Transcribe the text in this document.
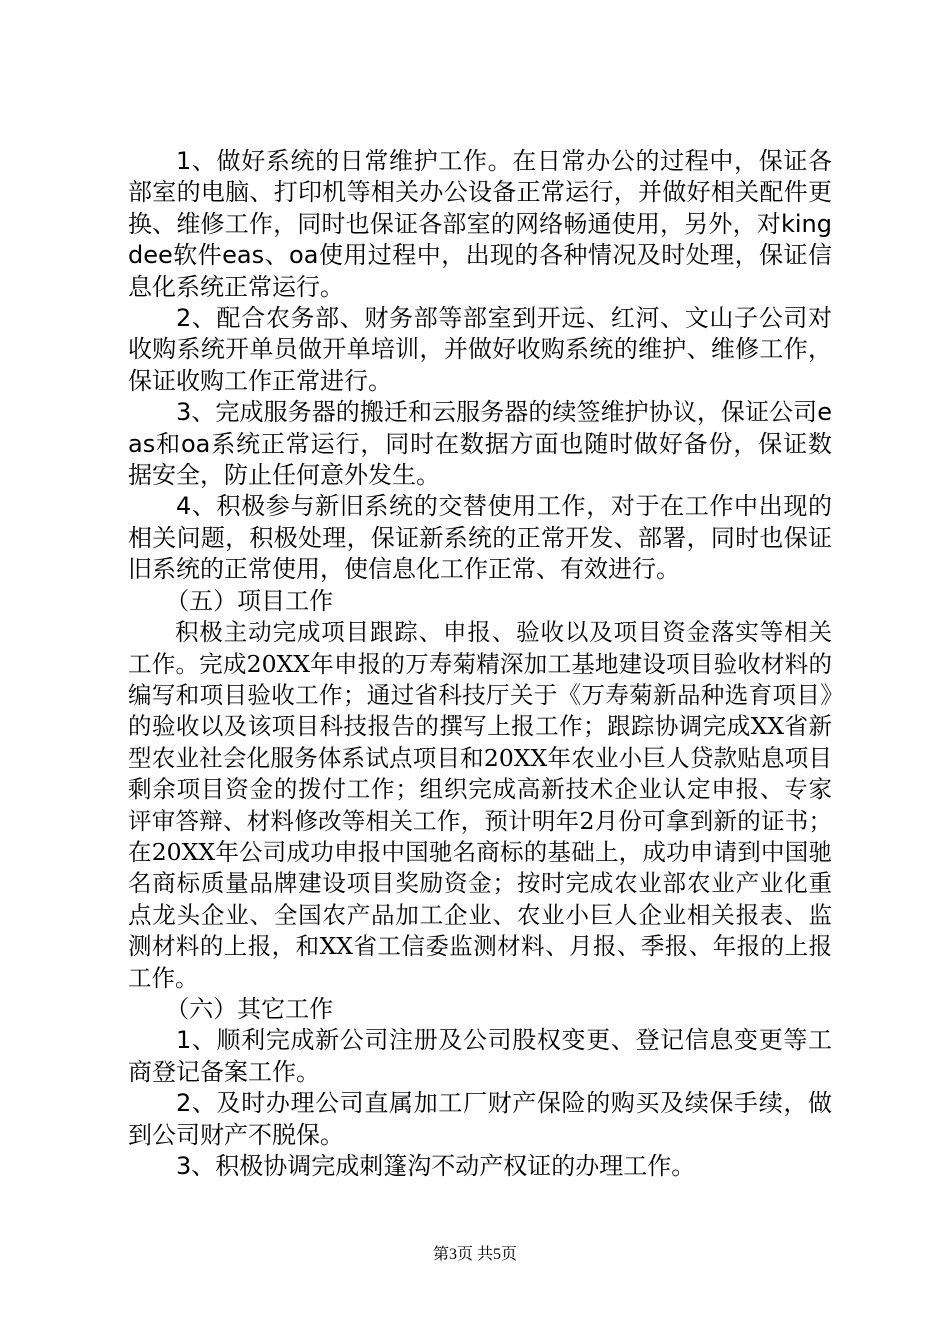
1、做好系统的日常维护工作。在日常办公的过程中，保证各部室的电脑、打印机等相关办公设备正常运行，并做好相关配件更换、维修工作，同时也保证各部室的网络畅通使用，另外，对kingdee软件eas、oa使用过程中，出现的各种情况及时处理，保证信息化系统正常运行。

2、配合农务部、财务部等部室到开远、红河、文山子公司对收购系统开单员做开单培训，并做好收购系统的维护、维修工作，保证收购工作正常进行。

3、完成服务器的搬迁和云服务器的续签维护协议，保证公司eas和oa系统正常运行，同时在数据方面也随时做好备份，保证数据安全，防止任何意外发生。

4、积极参与新旧系统的交替使用工作，对于在工作中出现的相关问题，积极处理，保证新系统的正常开发、部署，同时也保证旧系统的正常使用，使信息化工作正常、有效进行。

（五）项目工作

积极主动完成项目跟踪、申报、验收以及项目资金落实等相关工作。完成20XX年申报的万寿菊精深加工基地建设项目验收材料的编写和项目验收工作；通过省科技厅关于《万寿菊新品种选育项目》的验收以及该项目科技报告的撰写上报工作；跟踪协调完成XX省新型农业社会化服务体系试点项目和20XX年农业小巨人贷款贴息项目剩余项目资金的拨付工作；组织完成高新技术企业认定申报、专家评审答辩、材料修改等相关工作，预计明年2月份可拿到新的证书；在20XX年公司成功申报中国驰名商标的基础上，成功申请到中国驰名商标质量品牌建设项目奖励资金；按时完成农业部农业产业化重点龙头企业、全国农产品加工企业、农业小巨人企业相关报表、监测材料的上报，和XX省工信委监测材料、月报、季报、年报的上报工作。

（六）其它工作

1、顺利完成新公司注册及公司股权变更、登记信息变更等工商登记备案工作。

2、及时办理公司直属加工厂财产保险的购买及续保手续，做到公司财产不脱保。

3、积极协调完成刺篷沟不动产权证的办理工作。

第3页 共5页
